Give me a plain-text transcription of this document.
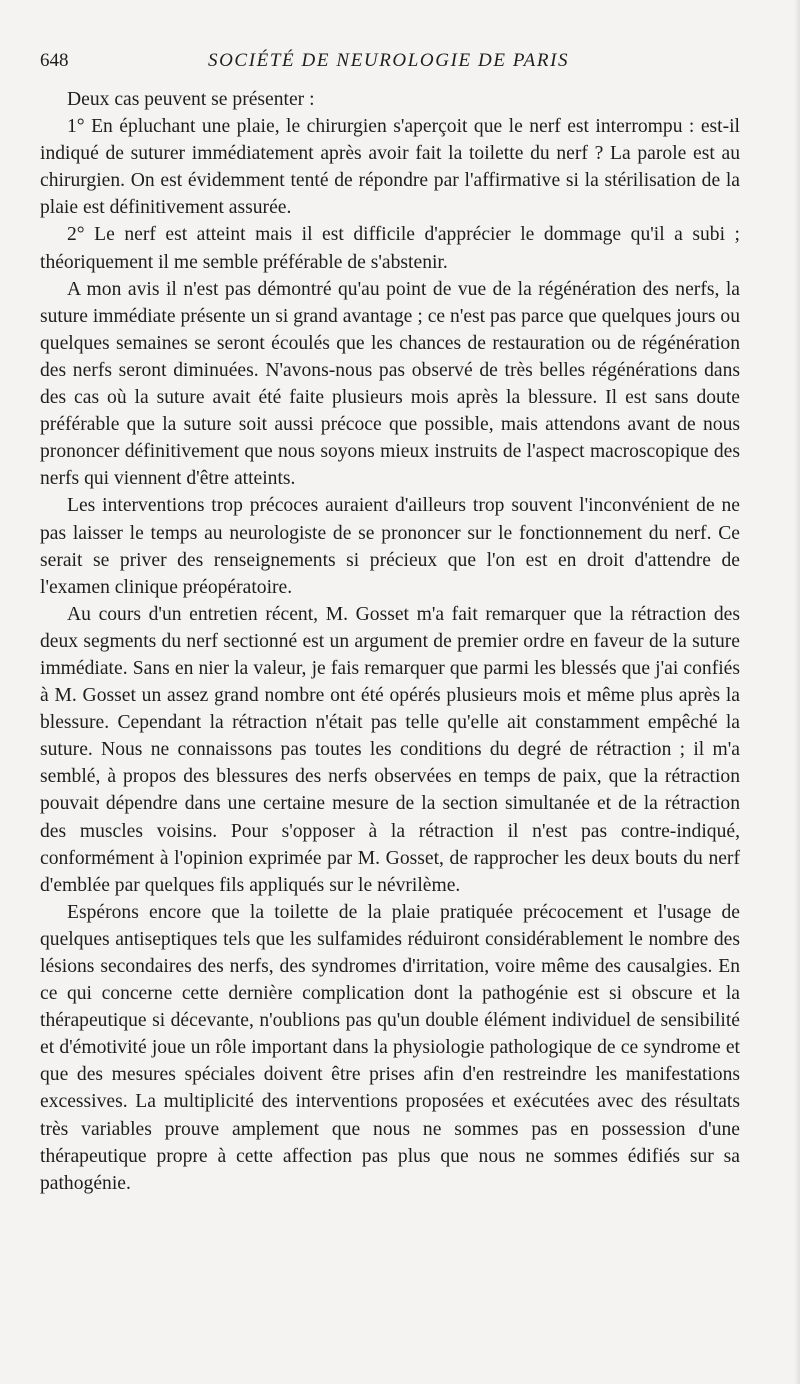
648	SOCIÉTÉ DE NEUROLOGIE DE PARIS

Deux cas peuvent se présenter :

1° En épluchant une plaie, le chirurgien s'aperçoit que le nerf est interrompu : est-il indiqué de suturer immédiatement après avoir fait la toilette du nerf ? La parole est au chirurgien. On est évidemment tenté de répondre par l'affirmative si la stérilisation de la plaie est définitivement assurée.

2° Le nerf est atteint mais il est difficile d'apprécier le dommage qu'il a subi ; théoriquement il me semble préférable de s'abstenir.

A mon avis il n'est pas démontré qu'au point de vue de la régénération des nerfs, la suture immédiate présente un si grand avantage ; ce n'est pas parce que quelques jours ou quelques semaines se seront écoulés que les chances de restauration ou de régénération des nerfs seront diminuées. N'avons-nous pas observé de très belles régénérations dans des cas où la suture avait été faite plusieurs mois après la blessure. Il est sans doute préférable que la suture soit aussi précoce que possible, mais attendons avant de nous prononcer définitivement que nous soyons mieux instruits de l'aspect macroscopique des nerfs qui viennent d'être atteints.

Les interventions trop précoces auraient d'ailleurs trop souvent l'inconvénient de ne pas laisser le temps au neurologiste de se prononcer sur le fonctionnement du nerf. Ce serait se priver des renseignements si précieux que l'on est en droit d'attendre de l'examen clinique préopératoire.

Au cours d'un entretien récent, M. Gosset m'a fait remarquer que la rétraction des deux segments du nerf sectionné est un argument de premier ordre en faveur de la suture immédiate. Sans en nier la valeur, je fais remarquer que parmi les blessés que j'ai confiés à M. Gosset un assez grand nombre ont été opérés plusieurs mois et même plus après la blessure. Cependant la rétraction n'était pas telle qu'elle ait constamment empêché la suture. Nous ne connaissons pas toutes les conditions du degré de rétraction ; il m'a semblé, à propos des blessures des nerfs observées en temps de paix, que la rétraction pouvait dépendre dans une certaine mesure de la section simultanée et de la rétraction des muscles voisins. Pour s'opposer à la rétraction il n'est pas contre-indiqué, conformément à l'opinion exprimée par M. Gosset, de rapprocher les deux bouts du nerf d'emblée par quelques fils appliqués sur le névrilème.

Espérons encore que la toilette de la plaie pratiquée précocement et l'usage de quelques antiseptiques tels que les sulfamides réduiront considérablement le nombre des lésions secondaires des nerfs, des syndromes d'irritation, voire même des causalgies. En ce qui concerne cette dernière complication dont la pathogénie est si obscure et la thérapeutique si décevante, n'oublions pas qu'un double élément individuel de sensibilité et d'émotivité joue un rôle important dans la physiologie pathologique de ce syndrome et que des mesures spéciales doivent être prises afin d'en restreindre les manifestations excessives. La multiplicité des interventions proposées et exécutées avec des résultats très variables prouve amplement que nous ne sommes pas en possession d'une thérapeutique propre à cette affection pas plus que nous ne sommes édifiés sur sa pathogénie.
